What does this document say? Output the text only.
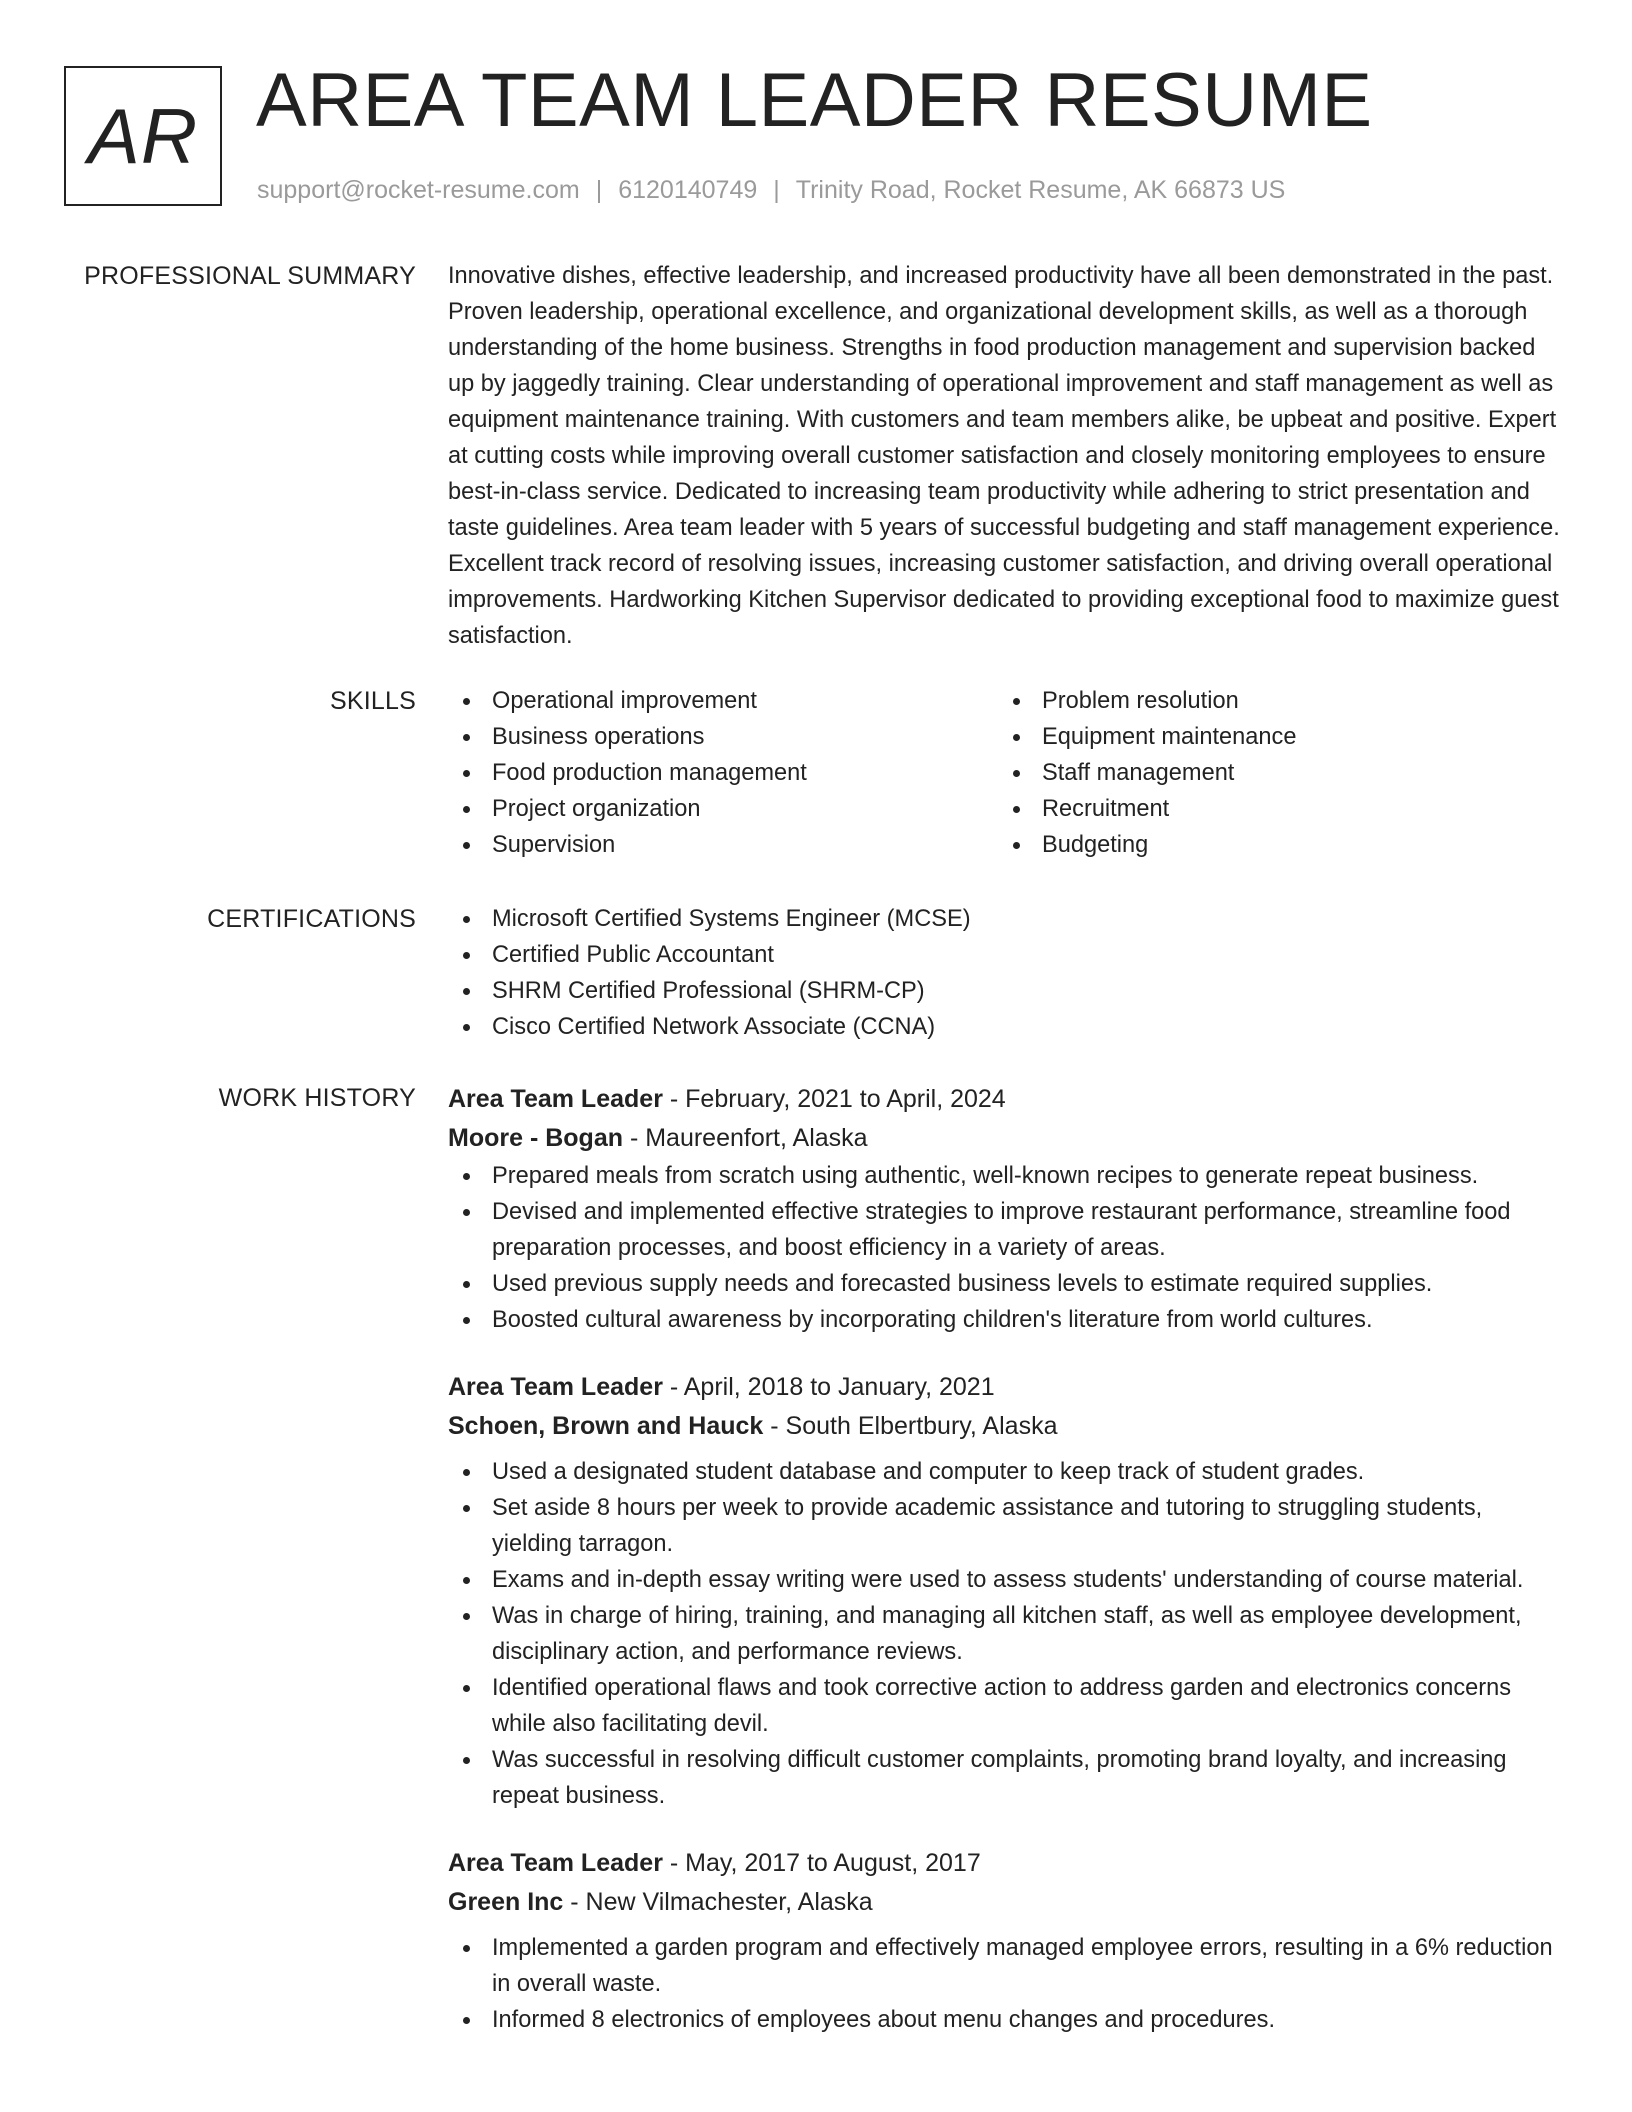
AR AREA TEAM LEADER RESUME
support@rocket-resume.com | 6120140749 | Trinity Road, Rocket Resume, AK 66873 US
PROFESSIONAL SUMMARY Innovative dishes, effective leadership, and increased productivity have all been demonstrated in the past. Proven leadership, operational excellence, and organizational development skills, as well as a thorough understanding of the home business. Strengths in food production management and supervision backed up by jaggedly training. Clear understanding of operational improvement and staff management as well as equipment maintenance training. With customers and team members alike, be upbeat and positive. Expert at cutting costs while improving overall customer satisfaction and closely monitoring employees to ensure best-in-class service. Dedicated to increasing team productivity while adhering to strict presentation and taste guidelines. Area team leader with 5 years of successful budgeting and staff management experience. Excellent track record of resolving issues, increasing customer satisfaction, and driving overall operational improvements. Hardworking Kitchen Supervisor dedicated to providing exceptional food to maximize guest satisfaction.

SKILLS	Operational improvement
Business operations
Food production management
Project organization
Supervision
Problem resolution
Equipment maintenance
Staff management
Recruitment
Budgeting
CERTIFICATIONS	Microsoft Certified Systems Engineer (MCSE)
Certified Public Accountant
SHRM Certified Professional (SHRM-CP)
Cisco Certified Network Associate (CCNA)
WORK HISTORY Area Team Leader - February, 2021 to April, 2024
Moore - Bogan - Maureenfort, Alaska
Prepared meals from scratch using authentic, well-known recipes to generate repeat business.
Devised and implemented effective strategies to improve restaurant performance, streamline food preparation processes, and boost efficiency in a variety of areas.
Used previous supply needs and forecasted business levels to estimate required supplies.
Boosted cultural awareness by incorporating children's literature from world cultures.
Area Team Leader - April, 2018 to January, 2021
Schoen, Brown and Hauck - South Elbertbury, Alaska
Used a designated student database and computer to keep track of student grades.
Set aside 8 hours per week to provide academic assistance and tutoring to struggling students, yielding tarragon.
Exams and in-depth essay writing were used to assess students' understanding of course material.
Was in charge of hiring, training, and managing all kitchen staff, as well as employee development, disciplinary action, and performance reviews.
Identified operational flaws and took corrective action to address garden and electronics concerns while also facilitating devil.
Was successful in resolving difficult customer complaints, promoting brand loyalty, and increasing repeat business.
Area Team Leader - May, 2017 to August, 2017
Green Inc - New Vilmachester, Alaska
Implemented a garden program and effectively managed employee errors, resulting in a 6% reduction in overall waste.
Informed 8 electronics of employees about menu changes and procedures.
